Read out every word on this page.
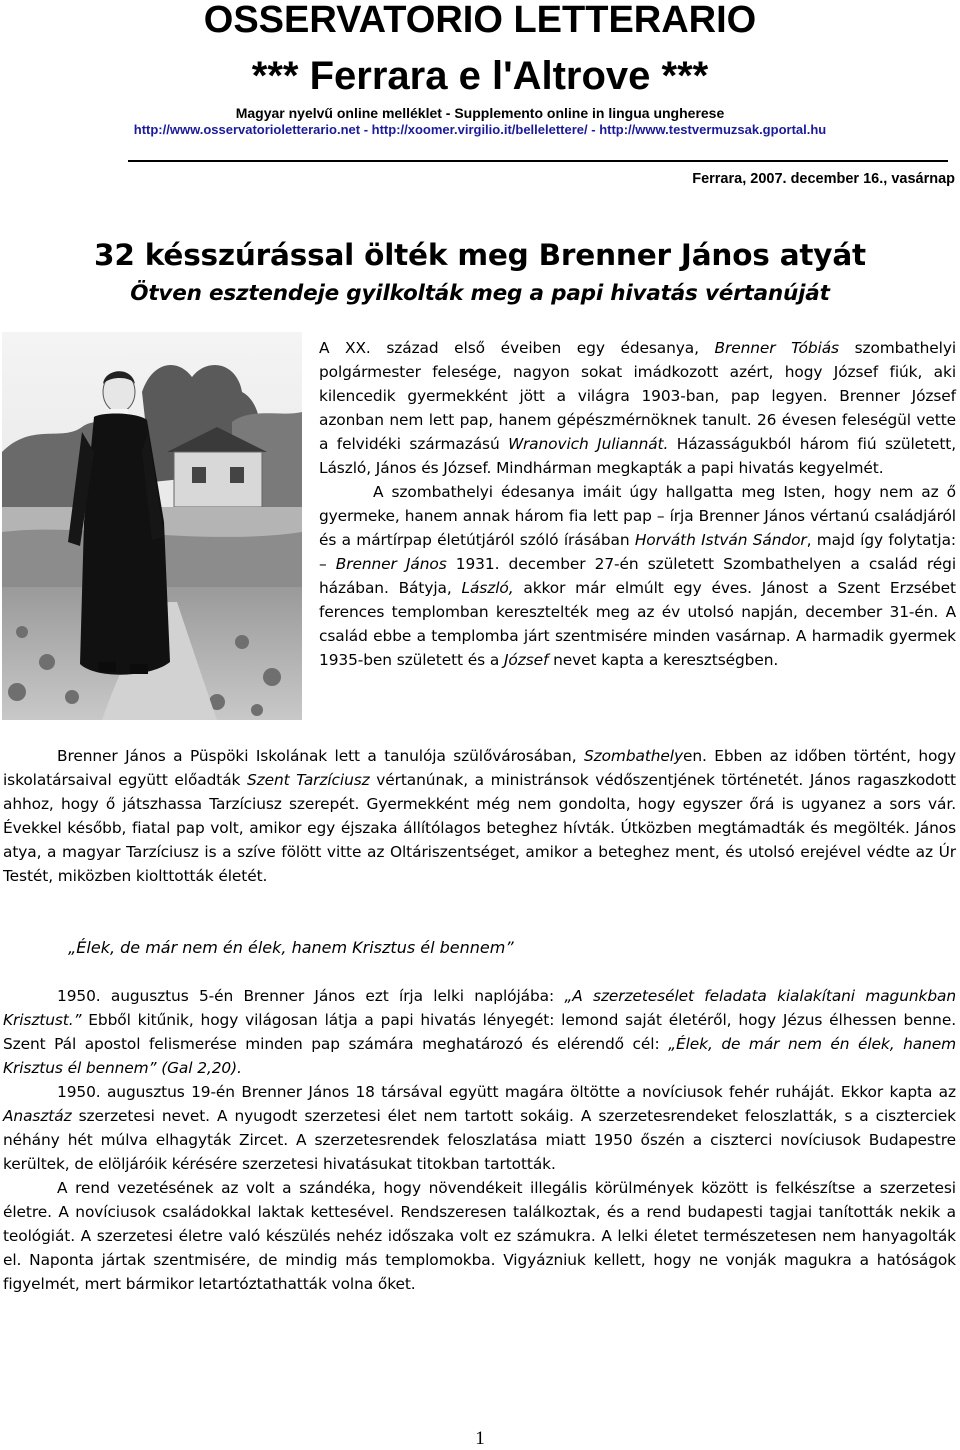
OSSERVATORIO LETTERARIO
*** Ferrara e l'Altrove ***
Magyar nyelvű online melléklet - Supplemento online in lingua ungherese
http://www.osservatorioletterario.net - http://xoomer.virgilio.it/bellelettere/ - http://www.testvermuzsak.gportal.hu
Ferrara, 2007. december 16., vasárnap
32 késszúrással ölték meg Brenner János atyát
Ötven esztendeje gyilkolták meg a papi hivatás vértanúját

A XX. század első éveiben egy édesanya, Brenner Tóbiás szombathelyi polgármester felesége, nagyon sokat imádkozott azért, hogy József fiúk, aki kilencedik gyermekként jött a világra 1903-ban, pap legyen. Brenner József azonban nem lett pap, hanem gépészmérnöknek tanult. 26 évesen feleségül vette a felvidéki származású Wranovich Juliannát. Házasságukból három fiú született, László, János és József. Mindhárman megkapták a papi hivatás kegyelmét.

A szombathelyi édesanya imáit úgy hallgatta meg Isten, hogy nem az ő gyermeke, hanem annak három fia lett pap – írja Brenner János vértanú családjáról és a mártírpap életútjáról szóló írásában Horváth István Sándor, majd így folytatja: – Brenner János 1931. december 27-én született Szombathelyen a család régi házában. Bátyja, László, akkor már elmúlt egy éves. Jánost a Szent Erzsébet ferences templomban keresztelték meg az év utolsó napján, december 31-én. A család ebbe a templomba járt szentmisére minden vasárnap. A harmadik gyermek 1935-ben született és a József nevet kapta a keresztségben.

Brenner János a Püspöki Iskolának lett a tanulója szülővárosában, Szombathelyen. Ebben az időben történt, hogy iskolatársaival együtt előadták Szent Tarzíciusz vértanúnak, a ministránsok védőszentjének történetét. János ragaszkodott ahhoz, hogy ő játszhassa Tarzíciusz szerepét. Gyermekként még nem gondolta, hogy egyszer őrá is ugyanez a sors vár. Évekkel később, fiatal pap volt, amikor egy éjszaka állítólagos beteghez hívták. Útközben megtámadták és megölték. János atya, a magyar Tarzíciusz is a szíve fölött vitte az Oltáriszentséget, amikor a beteghez ment, és utolsó erejével védte az Úr Testét, miközben kiolttották életét.

„Élek, de már nem én élek, hanem Krisztus él bennem”

1950. augusztus 5-én Brenner János ezt írja lelki naplójába: „A szerzetesélet feladata kialakítani magunkban Krisztust.” Ebből kitűnik, hogy világosan látja a papi hivatás lényegét: lemond saját életéről, hogy Jézus élhessen benne. Szent Pál apostol felismerése minden pap számára meghatározó és elérendő cél: „Élek, de már nem én élek, hanem Krisztus él bennem” (Gal 2,20).

1950. augusztus 19-én Brenner János 18 társával együtt magára öltötte a novíciusok fehér ruháját. Ekkor kapta az Anasztáz szerzetesi nevet. A nyugodt szerzetesi élet nem tartott sokáig. A szerzetesrendeket feloszlatták, s a ciszterciek néhány hét múlva elhagyták Zircet. A szerzetesrendek feloszlatása miatt 1950 őszén a ciszterci novíciusok Budapestre kerültek, de elöljáróik kérésére szerzetesi hivatásukat titokban tartották.

A rend vezetésének az volt a szándéka, hogy növendékeit illegális körülmények között is felkészítse a szerzetesi életre. A novíciusok családokkal laktak kettesével. Rendszeresen találkoztak, és a rend budapesti tagjai tanították nekik a teológiát. A szerzetesi életre való készülés nehéz időszaka volt ez számukra. A lelki életet természetesen nem hanyagolták el. Naponta jártak szentmisére, de mindig más templomokba. Vigyázniuk kellett, hogy ne vonják magukra a hatóságok figyelmét, mert bármikor letartóztathatták volna őket.

1
